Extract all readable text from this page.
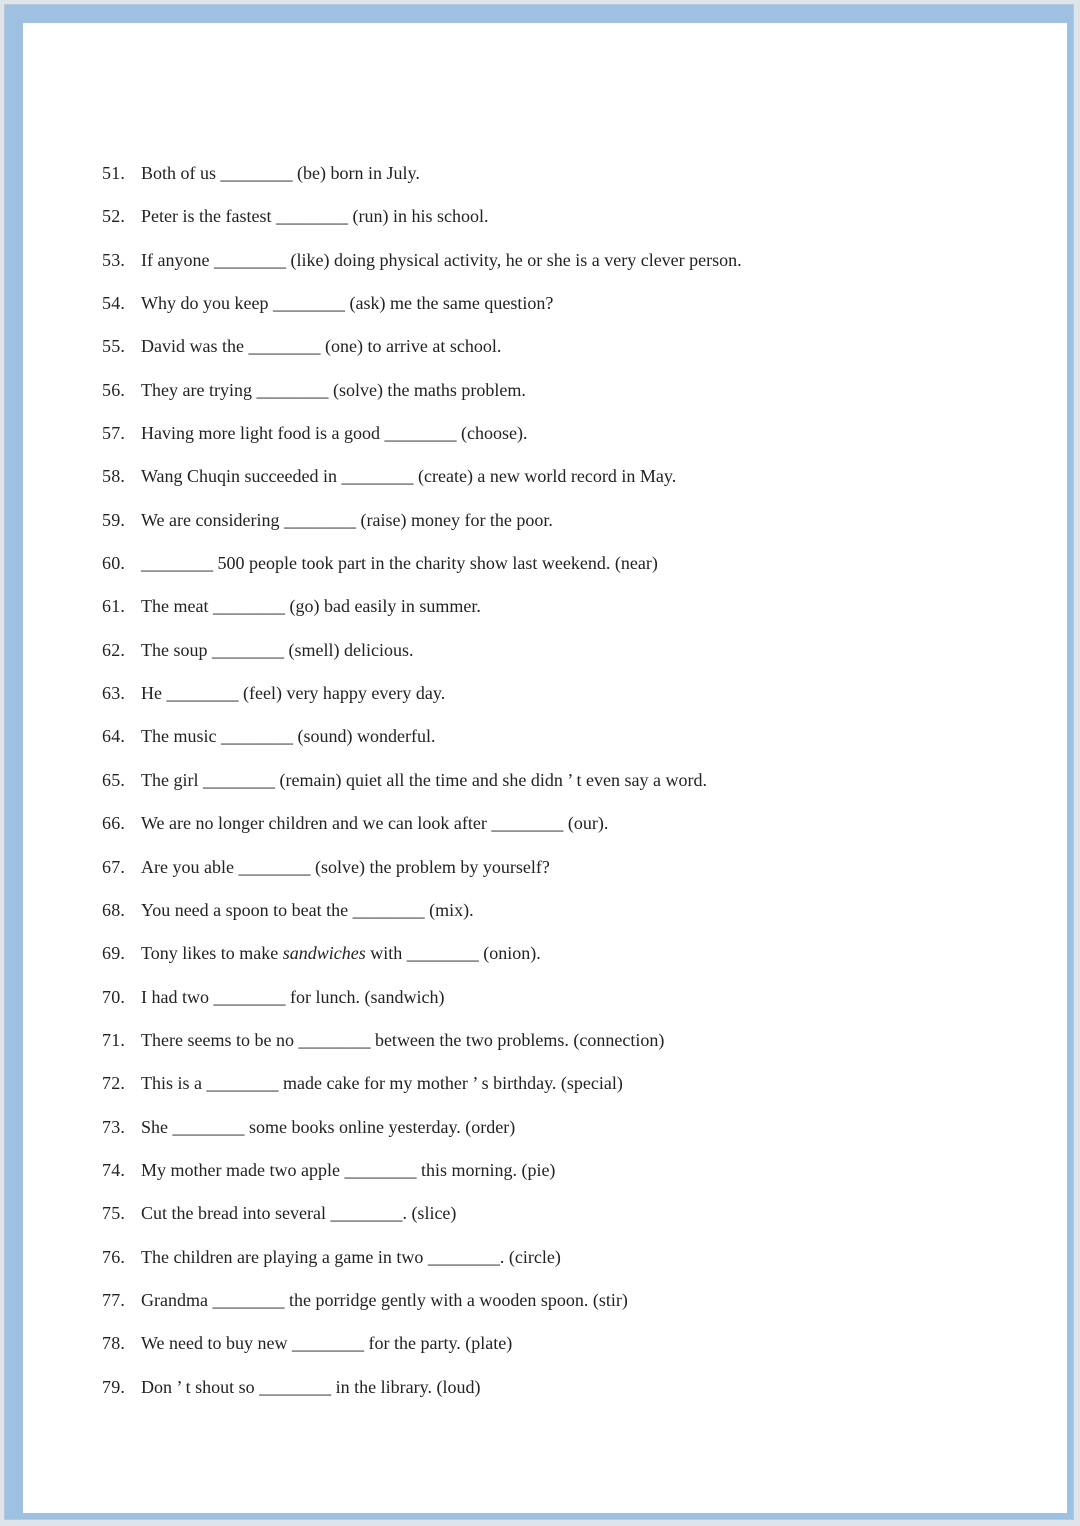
51. Both of us ________ (be) born in July.
52. Peter is the fastest ________ (run) in his school.
53. If anyone ________ (like) doing physical activity, he or she is a very clever person.
54. Why do you keep ________ (ask) me the same question?
55. David was the ________ (one) to arrive at school.
56. They are trying ________ (solve) the maths problem.
57. Having more light food is a good ________ (choose).
58. Wang Chuqin succeeded in ________ (create) a new world record in May.
59. We are considering ________ (raise) money for the poor.
60. ________ 500 people took part in the charity show last weekend. (near)
61. The meat ________ (go) bad easily in summer.
62. The soup ________ (smell) delicious.
63. He ________ (feel) very happy every day.
64. The music ________ (sound) wonderful.
65. The girl ________ (remain) quiet all the time and she didn ’ t even say a word.
66. We are no longer children and we can look after ________ (our).
67. Are you able ________ (solve) the problem by yourself?
68. You need a spoon to beat the ________ (mix).
69. Tony likes to make sandwiches with ________ (onion).
70. I had two ________ for lunch. (sandwich)
71. There seems to be no ________ between the two problems. (connection)
72. This is a ________ made cake for my mother ’ s birthday. (special)
73. She ________ some books online yesterday. (order)
74. My mother made two apple ________ this morning. (pie)
75. Cut the bread into several ________. (slice)
76. The children are playing a game in two ________. (circle)
77. Grandma ________ the porridge gently with a wooden spoon. (stir)
78. We need to buy new ________ for the party. (plate)
79. Don ’ t shout so ________ in the library. (loud)
